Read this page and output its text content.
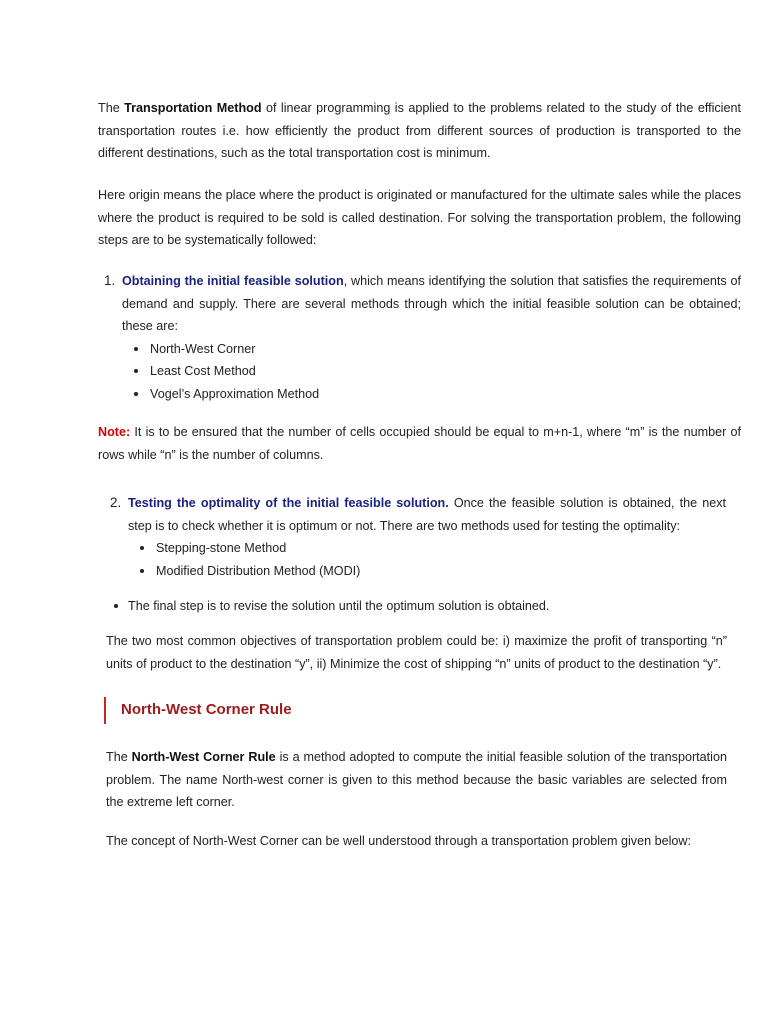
The Transportation Method of linear programming is applied to the problems related to the study of the efficient transportation routes i.e. how efficiently the product from different sources of production is transported to the different destinations, such as the total transportation cost is minimum.

Here origin means the place where the product is originated or manufactured for the ultimate sales while the places where the product is required to be sold is called destination. For solving the transportation problem, the following steps are to be systematically followed:

1. Obtaining the initial feasible solution, which means identifying the solution that satisfies the requirements of demand and supply. There are several methods through which the initial feasible solution can be obtained; these are:
North-West Corner
Least Cost Method
Vogel’s Approximation Method

Note: It is to be ensured that the number of cells occupied should be equal to m+n-1, where “m” is the number of rows while “n” is the number of columns.

2. Testing the optimality of the initial feasible solution. Once the feasible solution is obtained, the next step is to check whether it is optimum or not. There are two methods used for testing the optimality:
Stepping-stone Method
Modified Distribution Method (MODI)
The final step is to revise the solution until the optimum solution is obtained.

The two most common objectives of transportation problem could be: i) maximize the profit of transporting “n” units of product to the destination “y”, ii) Minimize the cost of shipping “n” units of product to the destination “y”.

North-West Corner Rule

The North-West Corner Rule is a method adopted to compute the initial feasible solution of the transportation problem. The name North-west corner is given to this method because the basic variables are selected from the extreme left corner.

The concept of North-West Corner can be well understood through a transportation problem given below:
